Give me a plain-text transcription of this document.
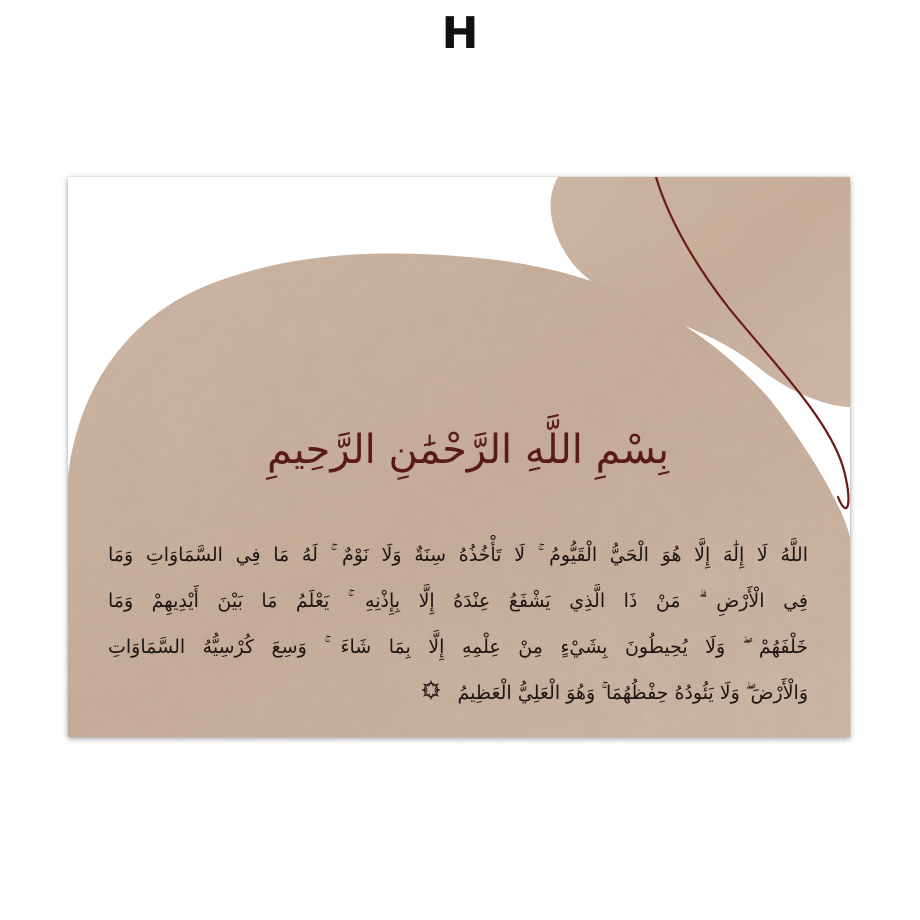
H
بِسْمِ اللَّهِ الرَّحْمَٰنِ الرَّحِيمِ
اللَّهُ لَا إِلَٰهَ إِلَّا هُوَ الْحَيُّ الْقَيُّومُ ۚ لَا تَأْخُذُهُ سِنَةٌ وَلَا نَوْمٌ ۚ لَهُ مَا فِي السَّمَاوَاتِ وَمَا
فِي الْأَرْضِ ۗ مَنْ ذَا الَّذِي يَشْفَعُ عِنْدَهُ إِلَّا بِإِذْنِهِ ۚ يَعْلَمُ مَا بَيْنَ أَيْدِيهِمْ وَمَا
خَلْفَهُمْ ۖ وَلَا يُحِيطُونَ بِشَيْءٍ مِنْ عِلْمِهِ إِلَّا بِمَا شَاءَ ۚ وَسِعَ كُرْسِيُّهُ السَّمَاوَاتِ
وَالْأَرْضَ ۖ وَلَا يَئُودُهُ حِفْظُهُمَا ۚ وَهُوَ الْعَلِيُّ الْعَظِيمُ
